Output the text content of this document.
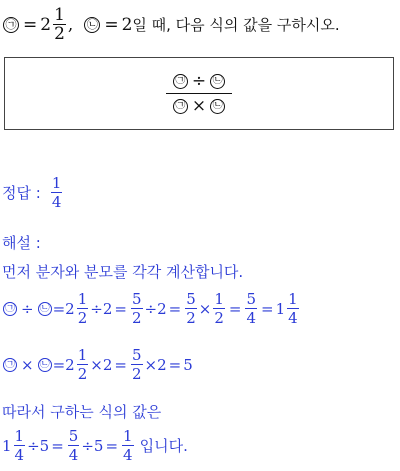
㉠ = $2 \frac{1}{2}$ , ㉡ = 2 일 때, 다음 식의 값을 구하시오.
㉠ ÷ ㉡
㉠ × ㉡
정답 : $\frac{1}{4}$
해설 :
먼저 분자와 분모를 각각 계산합니다.
㉠ ÷ ㉡ = $2 \frac{1}{2} \div 2 = \frac{5}{2} \div 2 = \frac{5}{2} \times \frac{1}{2} = \frac{5}{4} = 1 \frac{1}{4}$
㉠ × ㉡ = $2 \frac{1}{2} \times 2 = \frac{5}{2} \times 2 = 5$
따라서 구하는 식의 값은
$1 \frac{1}{4} \div 5 = \frac{5}{4} \div 5 = \frac{1}{4}$ 입니다.
